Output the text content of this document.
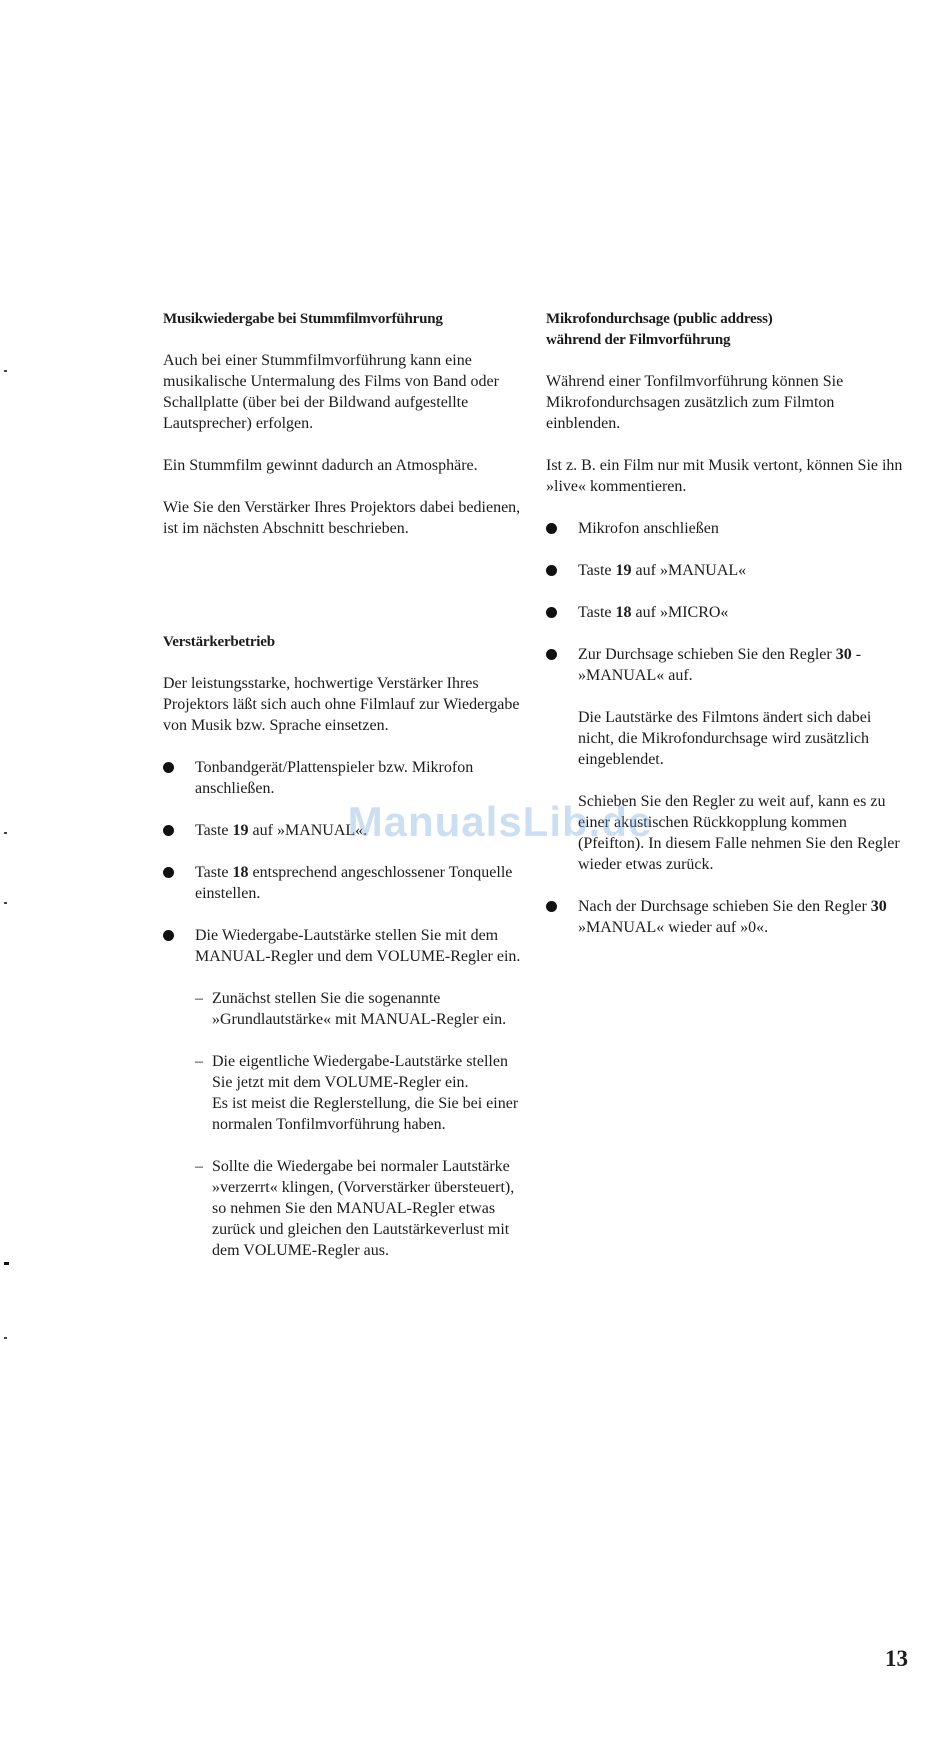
Musikwiedergabe bei Stummfilmvorführung

Auch bei einer Stummfilmvorführung kann eine musikalische Untermalung des Films von Band oder Schallplatte (über bei der Bildwand aufgestellte Lautsprecher) erfolgen.

Ein Stummfilm gewinnt dadurch an Atmosphäre.

Wie Sie den Verstärker Ihres Projektors dabei bedienen, ist im nächsten Abschnitt beschrieben.

Verstärkerbetrieb

Der leistungsstarke, hochwertige Verstärker Ihres Projektors läßt sich auch ohne Filmlauf zur Wiedergabe von Musik bzw. Sprache einsetzen.

Tonbandgerät/Plattenspieler bzw. Mikrofon anschließen.

Taste 19 auf »MANUAL«.

Taste 18 entsprechend angeschlossener Tonquelle einstellen.

Die Wiedergabe-Lautstärke stellen Sie mit dem MANUAL-Regler und dem VOLUME-Regler ein.

– Zunächst stellen Sie die sogenannte »Grundlautstärke« mit MANUAL-Regler ein.

– Die eigentliche Wiedergabe-Lautstärke stellen Sie jetzt mit dem VOLUME-Regler ein.

Es ist meist die Reglerstellung, die Sie bei einer normalen Tonfilmvorführung haben.

– Sollte die Wiedergabe bei normaler Lautstärke »verzerrt« klingen, (Vorverstärker übersteuert),

so nehmen Sie den MANUAL-Regler etwas zurück und gleichen den Lautstärkeverlust mit dem VOLUME-Regler aus.

Mikrofondurchsage (public address)
während der Filmvorführung

Während einer Tonfilmvorführung können Sie Mikrofondurchsagen zusätzlich zum Filmton einblenden.

Ist z. B. ein Film nur mit Musik vertont, können Sie ihn »live« kommentieren.

Mikrofon anschließen

Taste 19 auf »MANUAL«

Taste 18 auf »MICRO«

Zur Durchsage schieben Sie den Regler 30 - »MANUAL« auf.

Die Lautstärke des Filmtons ändert sich dabei nicht, die Mikrofondurchsage wird zusätzlich eingeblendet.

Schieben Sie den Regler zu weit auf, kann es zu einer akustischen Rückkopplung kommen (Pfeifton). In diesem Falle nehmen Sie den Regler wieder etwas zurück.

Nach der Durchsage schieben Sie den Regler 30 »MANUAL« wieder auf »0«.

ManualsLib.de
13
